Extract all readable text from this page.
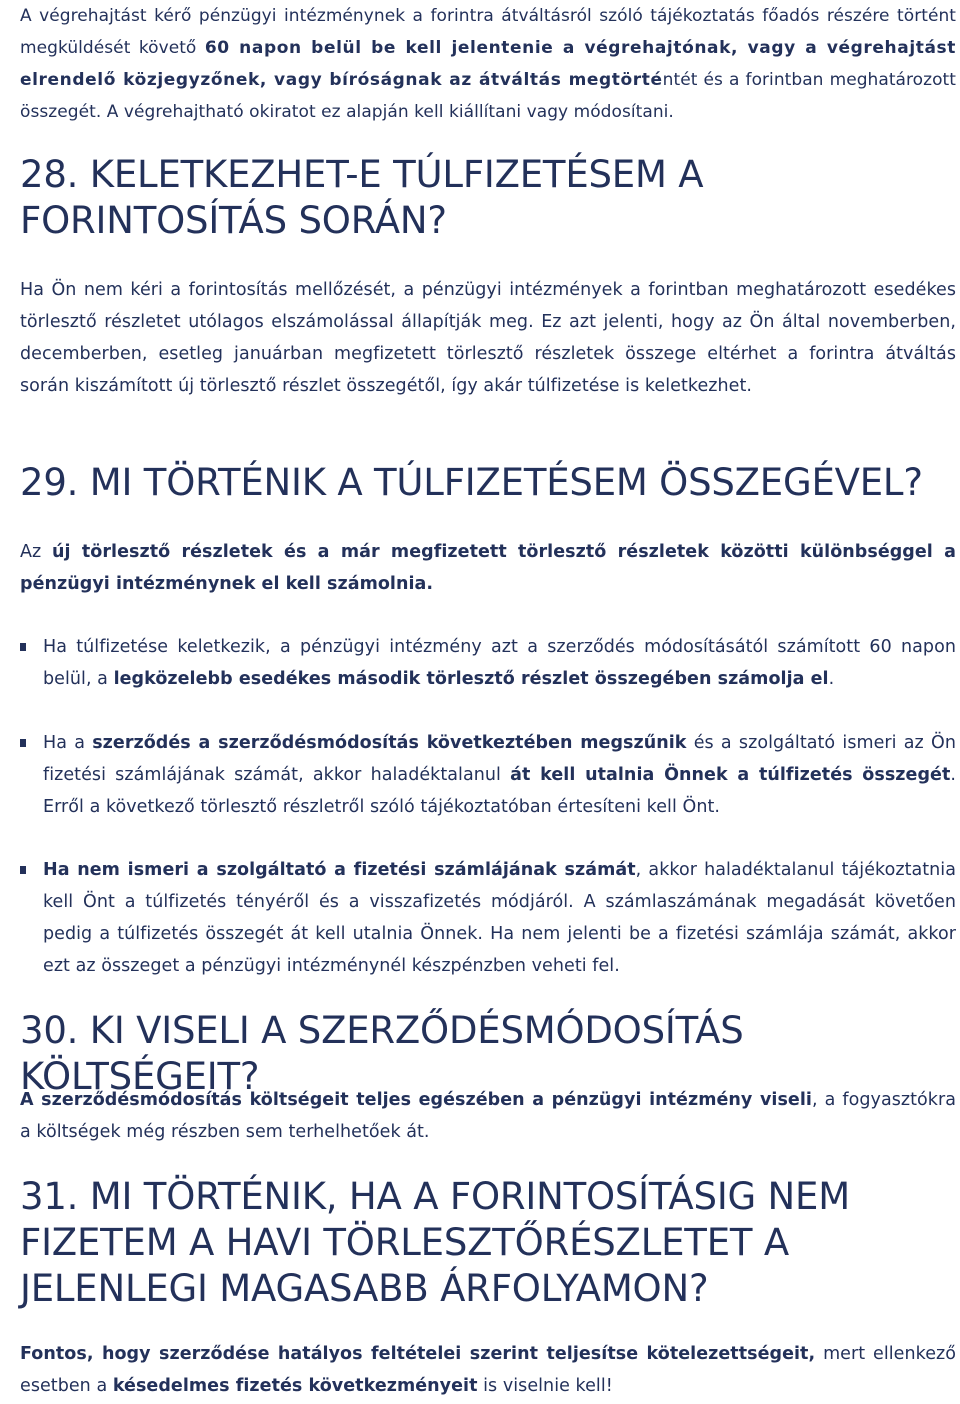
A végrehajtást kérő pénzügyi intézménynek a forintra átváltásról szóló tájékoztatás főadós részére történt megküldését követő 60 napon belül be kell jelentenie a végrehajtónak, vagy a végrehajtást elrendelő közjegyzőnek, vagy bíróságnak az átváltás megtörténtét és a forintban meghatározott összegét. A végrehajtható okiratot ez alapján kell kiállítani vagy módosítani.

28. KELETKEZHET-E TÚLFIZETÉSEM A FORINTOSÍTÁS SORÁN?

Ha Ön nem kéri a forintosítás mellőzését, a pénzügyi intézmények a forintban meghatározott esedékes törlesztő részletet utólagos elszámolással állapítják meg. Ez azt jelenti, hogy az Ön által novemberben, decemberben, esetleg januárban megfizetett törlesztő részletek összege eltérhet a forintra átváltás során kiszámított új törlesztő részlet összegétől, így akár túlfizetése is keletkezhet.

29. MI TÖRTÉNIK A TÚLFIZETÉSEM ÖSSZEGÉVEL?

Az új törlesztő részletek és a már megfizetett törlesztő részletek közötti különbséggel a pénzügyi intézménynek el kell számolnia.

Ha túlfizetése keletkezik, a pénzügyi intézmény azt a szerződés módosításától számított 60 napon belül, a legközelebb esedékes második törlesztő részlet összegében számolja el.
Ha a szerződés a szerződésmódosítás következtében megszűnik és a szolgáltató ismeri az Ön fizetési számlájának számát, akkor haladéktalanul át kell utalnia Önnek a túlfizetés összegét. Erről a következő törlesztő részletről szóló tájékoztatóban értesíteni kell Önt.
Ha nem ismeri a szolgáltató a fizetési számlájának számát, akkor haladéktalanul tájékoztatnia kell Önt a túlfizetés tényéről és a visszafizetés módjáról. A számlaszámának megadását követően pedig a túlfizetés összegét át kell utalnia Önnek. Ha nem jelenti be a fizetési számlája számát, akkor ezt az összeget a pénzügyi intézménynél készpénzben veheti fel.
30. KI VISELI A SZERZŐDÉSMÓDOSÍTÁS KÖLTSÉGEIT?

A szerződésmódosítás költségeit teljes egészében a pénzügyi intézmény viseli, a fogyasztókra a költségek még részben sem terhelhetőek át.

31. MI TÖRTÉNIK, HA A FORINTOSÍTÁSIG NEM FIZETEM A HAVI TÖRLESZTŐRÉSZLETET A JELENLEGI MAGASABB ÁRFOLYAMON?

Fontos, hogy szerződése hatályos feltételei szerint teljesítse kötelezettségeit, mert ellenkező esetben a késedelmes fizetés következményeit is viselnie kell!
